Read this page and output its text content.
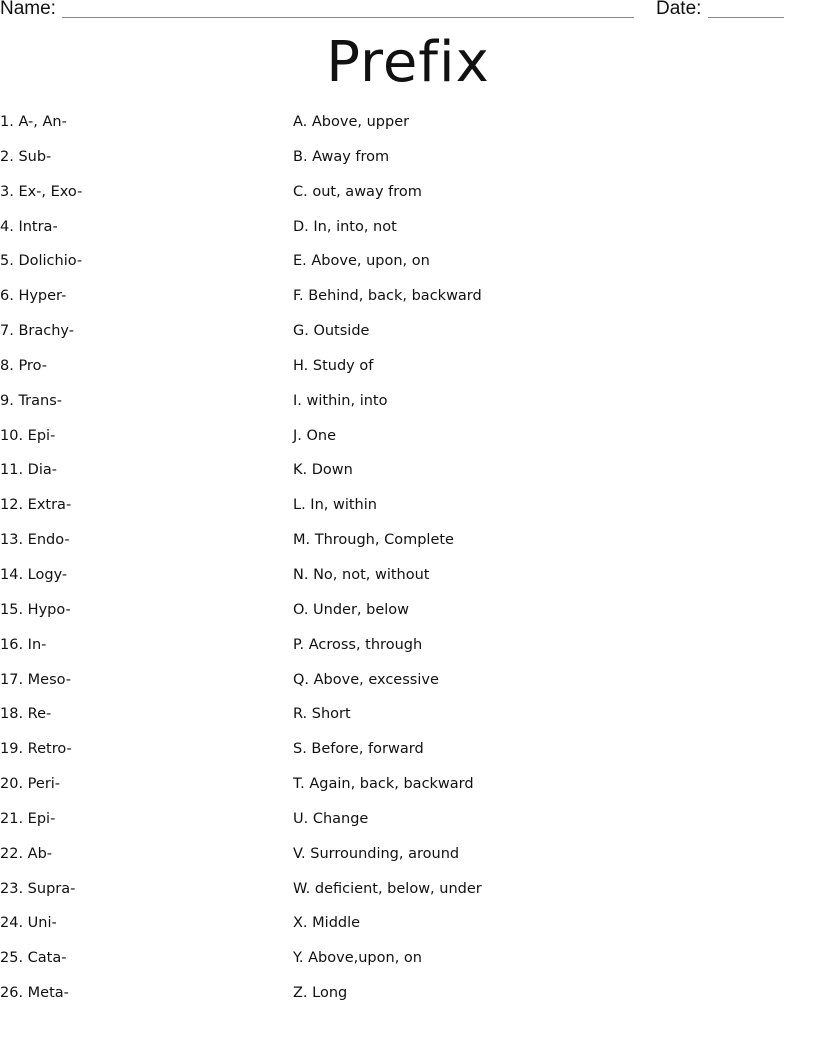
Name:	Date:
Prefix
1. A-, An-
2. Sub-
3. Ex-, Exo-
4. Intra-
5. Dolichio-
6. Hyper-
7. Brachy-
8. Pro-
9. Trans-
10. Epi-
11. Dia-
12. Extra-
13. Endo-
14. Logy-
15. Hypo-
16. In-
17. Meso-
18. Re-
19. Retro-
20. Peri-
21. Epi-
22. Ab-
23. Supra-
24. Uni-
25. Cata-
26. Meta-
A. Above, upper
B. Away from
C. out, away from
D. In, into, not
E. Above, upon, on
F. Behind, back, backward
G. Outside
H. Study of
I. within, into
J. One
K. Down
L. In, within
M. Through, Complete
N. No, not, without
O. Under, below
P. Across, through
Q. Above, excessive
R. Short
S. Before, forward
T. Again, back, backward
U. Change
V. Surrounding, around
W. deficient, below, under
X. Middle
Y. Above,upon, on
Z. Long
